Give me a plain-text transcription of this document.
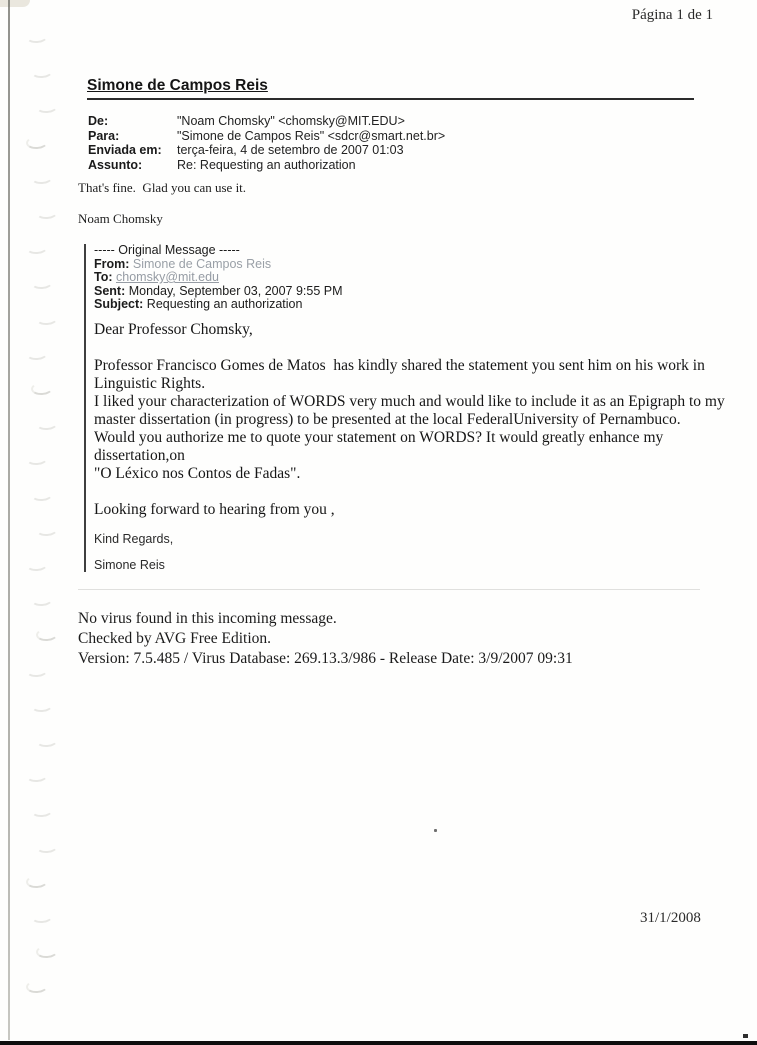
Página 1 de 1
Simone de Campos Reis
De:	"Noam Chomsky" <chomsky@MIT.EDU>
Para:	"Simone de Campos Reis" <sdcr@smart.net.br>
Enviada em:	terça-feira, 4 de setembro de 2007 01:03
Assunto:	Re: Requesting an authorization
That's fine.  Glad you can use it.
Noam Chomsky
----- Original Message -----
From: Simone de Campos Reis
To: chomsky@mit.edu
Sent: Monday, September 03, 2007 9:55 PM
Subject: Requesting an authorization
Dear Professor Chomsky,
Professor Francisco Gomes de Matos  has kindly shared the statement you sent him on his work in
Linguistic Rights.
I liked your characterization of WORDS very much and would like to include it as an Epigraph to my
master dissertation (in progress) to be presented at the local FederalUniversity of Pernambuco.
Would you authorize me to quote your statement on WORDS? It would greatly enhance my
dissertation,on
"O Léxico nos Contos de Fadas".
Looking forward to hearing from you ,
Kind Regards,
Simone Reis
No virus found in this incoming message.
Checked by AVG Free Edition.
Version: 7.5.485 / Virus Database: 269.13.3/986 - Release Date: 3/9/2007 09:31
31/1/2008
